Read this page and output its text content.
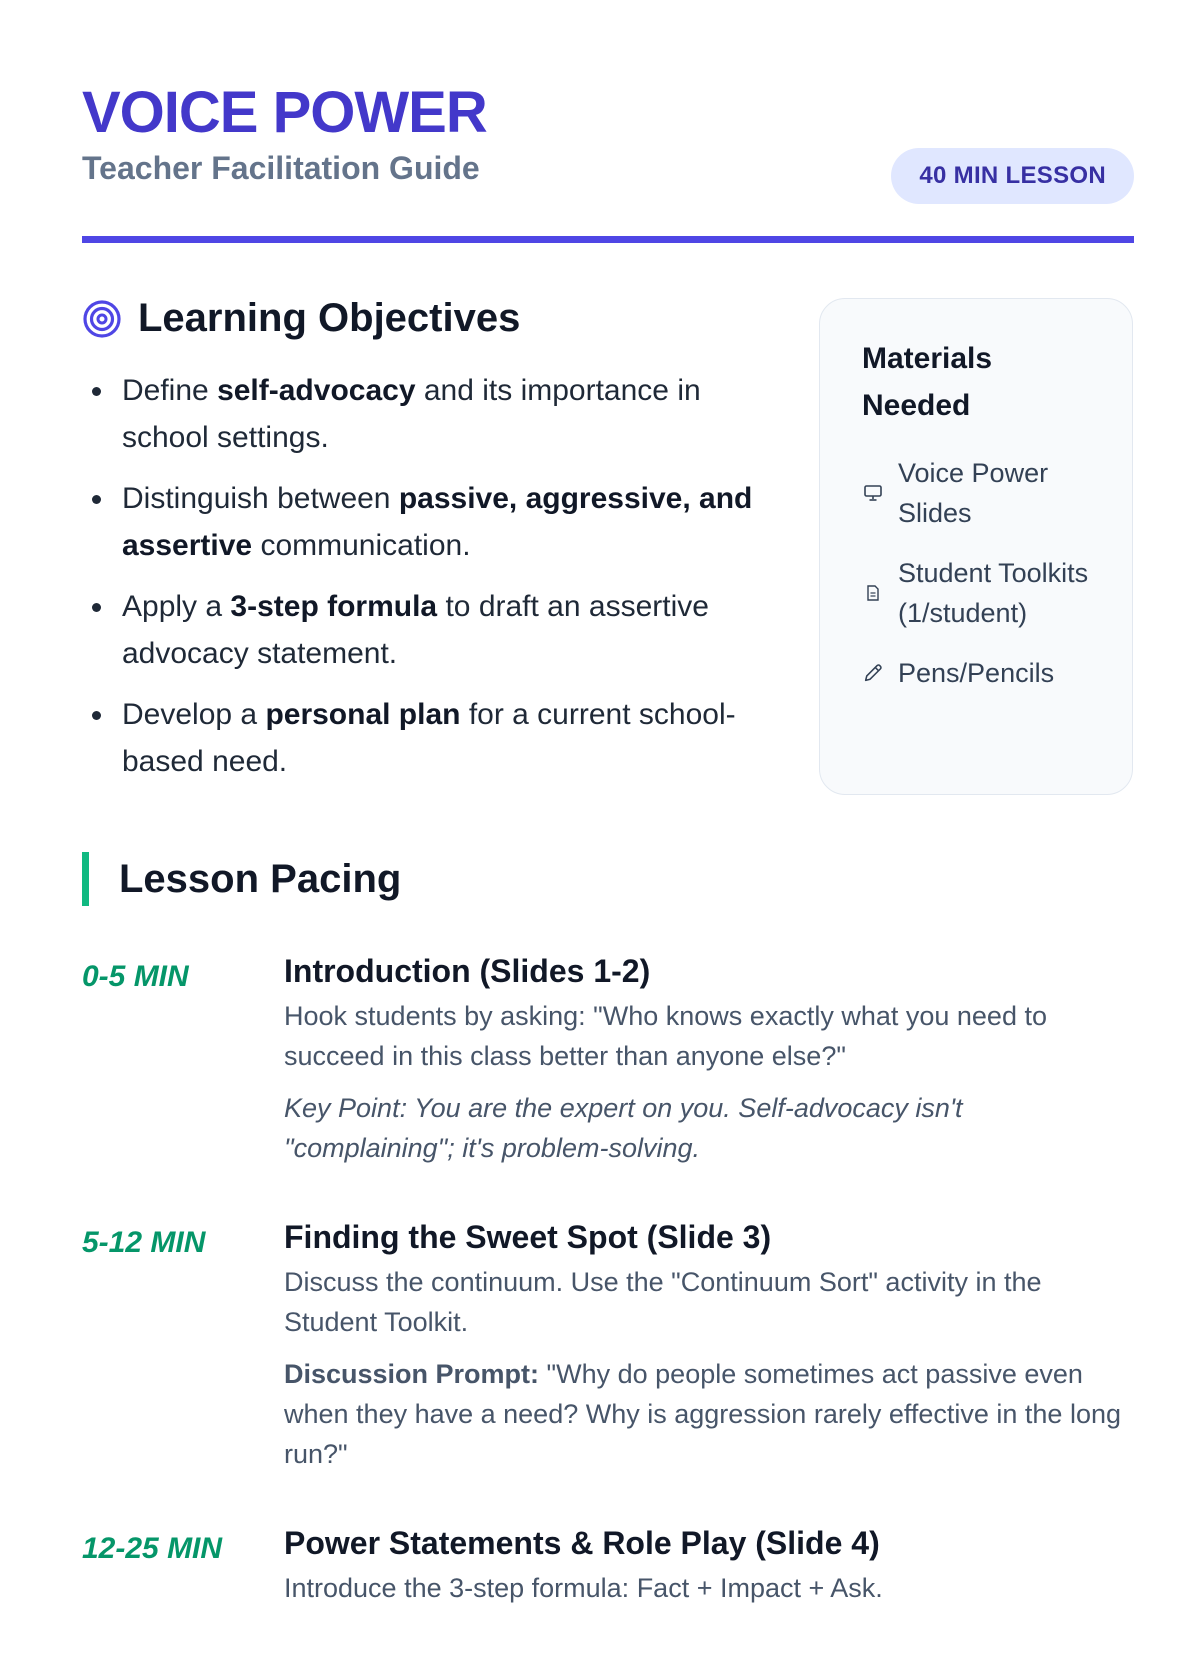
VOICE POWER

Teacher Facilitation Guide	40 MIN LESSON
Learning Objectives
Define self-advocacy and its importance in school settings.
Distinguish between passive, aggressive, and assertive communication.
Apply a 3-step formula to draft an assertive advocacy statement.
Develop a personal plan for a current school-based need.
Materials Needed
Voice Power Slides
Student Toolkits (1/student)
Pens/Pencils
Lesson Pacing
0-5 MIN	Introduction (Slides 1-2)

Hook students by asking: "Who knows exactly what you need to succeed in this class better than anyone else?"

Key Point: You are the expert on you. Self-advocacy isn't "complaining"; it's problem-solving.

5-12 MIN	Finding the Sweet Spot (Slide 3)

Discuss the continuum. Use the "Continuum Sort" activity in the Student Toolkit.

Discussion Prompt: "Why do people sometimes act passive even when they have a need? Why is aggression rarely effective in the long run?"

12-25 MIN	Power Statements & Role Play (Slide 4)

Introduce the 3-step formula: Fact + Impact + Ask.
